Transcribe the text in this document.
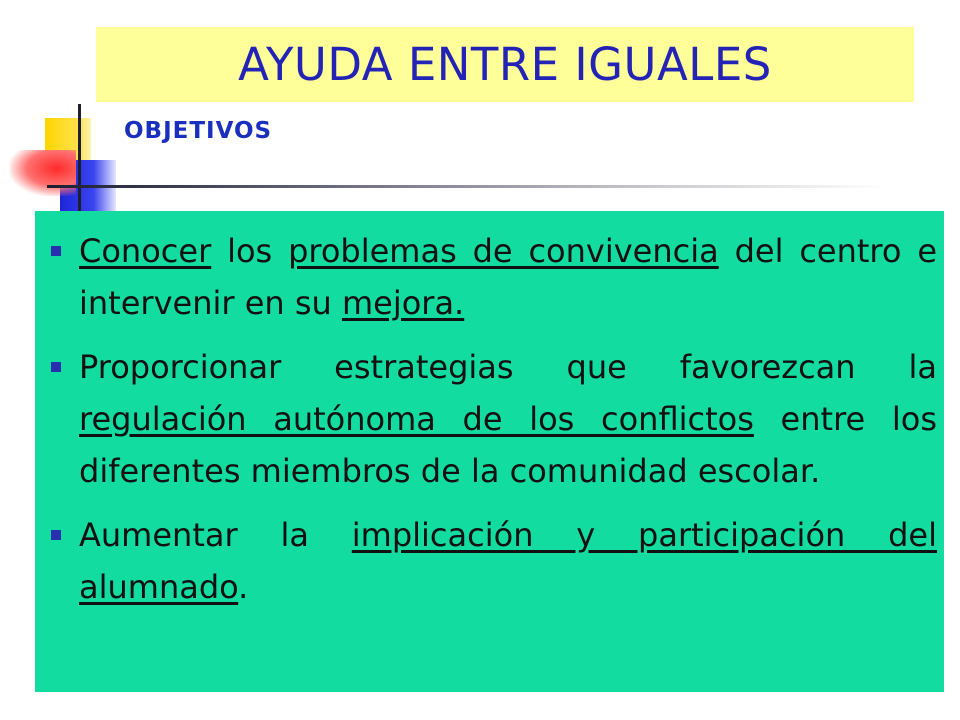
AYUDA ENTRE IGUALES
OBJETIVOS
Conocer los problemas de convivencia del centro e intervenir en su mejora.
Proporcionar estrategias que favorezcan la regulación autónoma de los conflictos entre los diferentes miembros de la comunidad escolar.
Aumentar la implicación y participación del alumnado.
